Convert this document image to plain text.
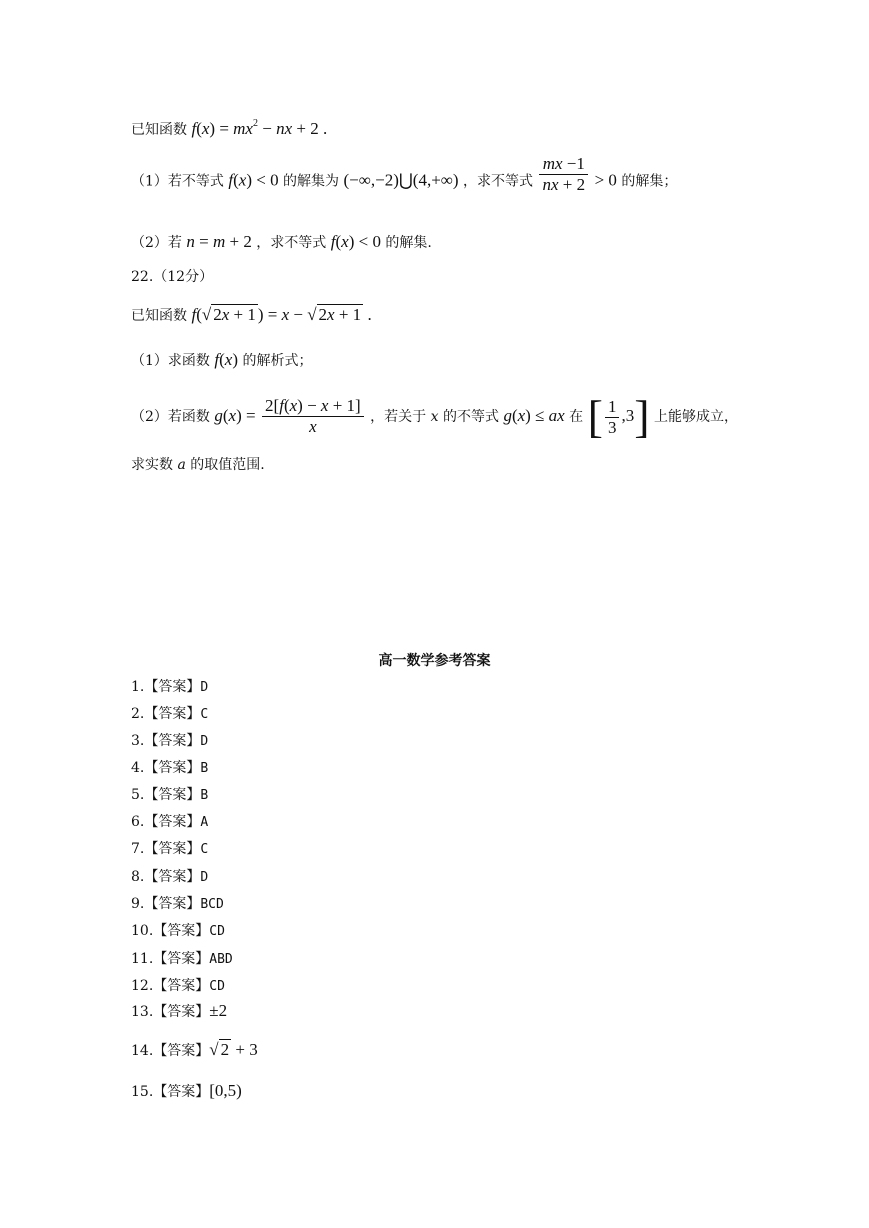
已知函数 $f(x) = mx^2$ − nx + 2 .
（1）若不等式 f(x) < 0 的解集为 (−∞,−2)⋃(4,+∞) ，求不等式 $\frac{mx -1}{nx + 2} > 0$ 的解集；
（2）若 n = m + 2 ，求不等式 f(x) < 0 的解集.
22.（12分）
已知函数 f(√ 2x + 1 ) = x − √ 2x + 1 .
（1）求函数 f(x) 的解析式；
（2）若函数 $g(x) = \frac{2[f(x) - x + 1]}{x}$ ，若关于 x 的不等式 g(x) ≤ ax 在 [ $\frac{1}{3} ,3$] 上能够成立，
求实数 a 的取值范围.
高一数学参考答案
1.【答案】D
2.【答案】C
3.【答案】D
4.【答案】B
5.【答案】B
6.【答案】A
7.【答案】C
8.【答案】D
9.【答案】BCD
10.【答案】CD
11.【答案】ABD
12.【答案】CD
13.【答案】±2
14.【答案】√ 2 + 3
15.【答案】[0,5)
